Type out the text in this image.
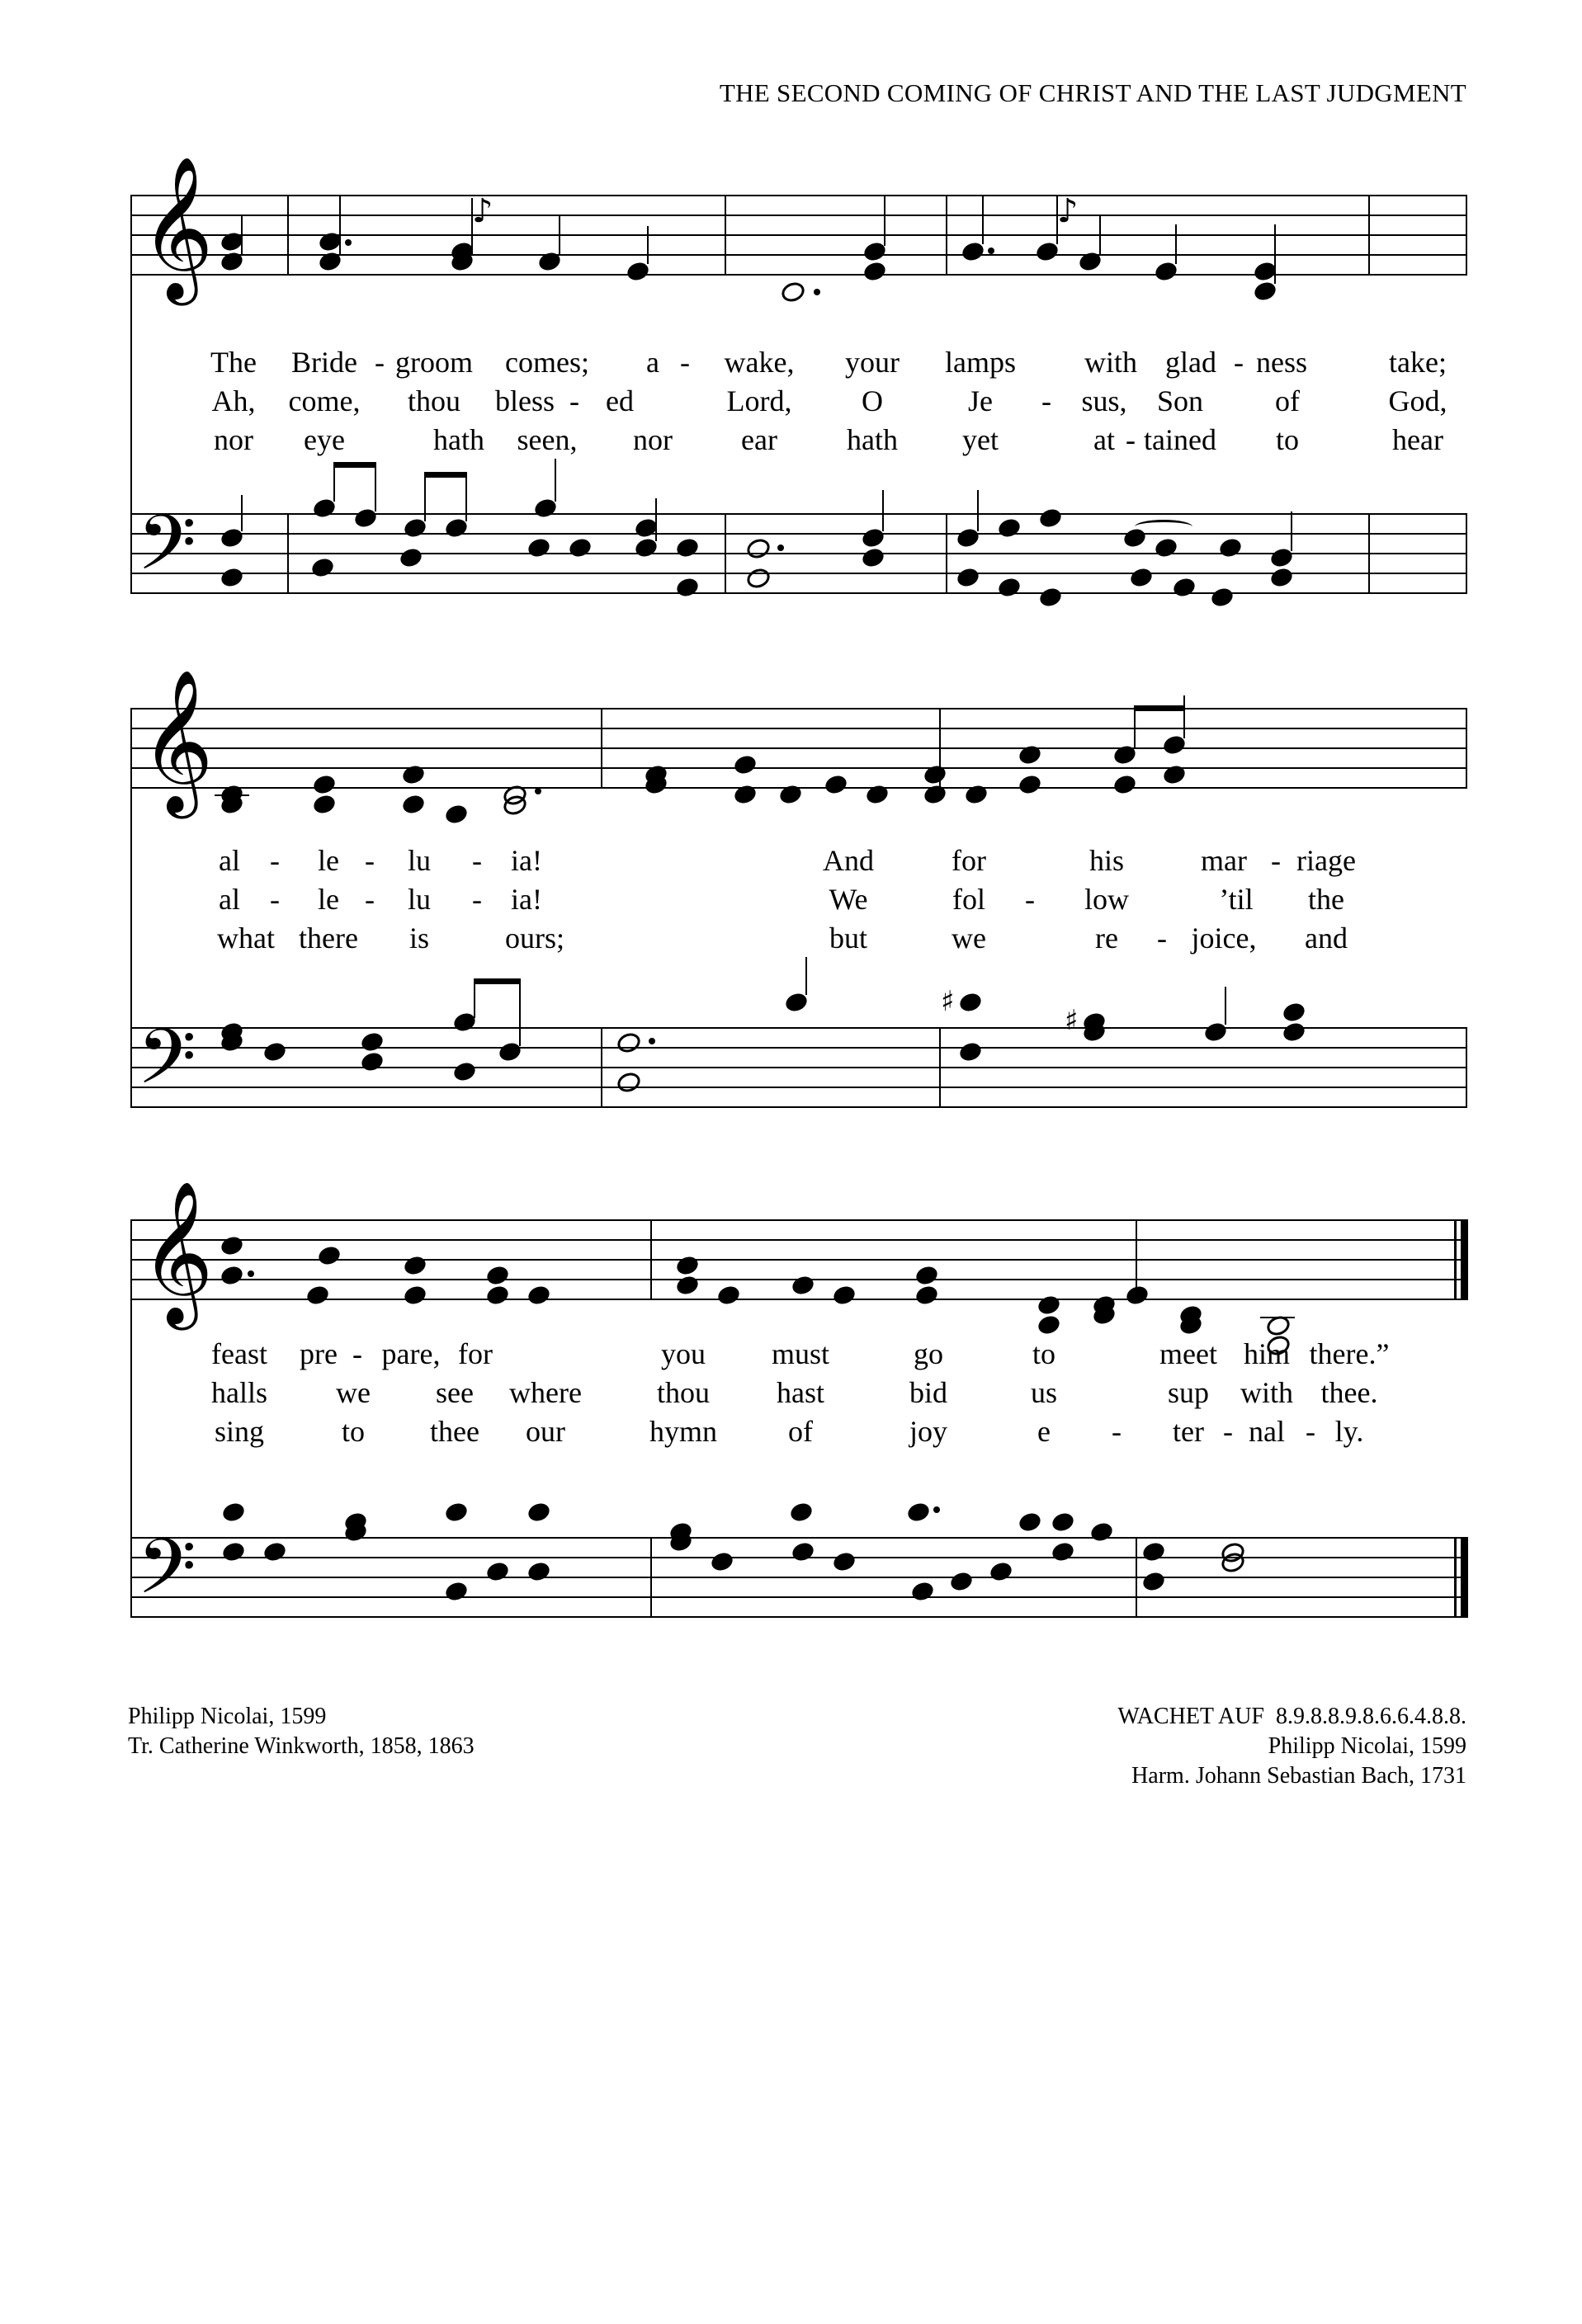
THE SECOND COMING OF CHRIST AND THE LAST JUDGMENT
𝄞	♪	♪
The Bride - groom comes; a - wake, your lamps with glad - ness	take;
Ah, come, thou bless - ed	Lord, O	Je - sus, Son of	God,
nor eye	hath seen, nor ear hath yet	at - tained to	hear
𝄢
𝄞
al - le - lu - ia!	And	for	his	mar - riage
al - le - lu - ia!	We	fol - low	’til the
what there is	ours;	but	we	re - joice, and
𝄢
♯
♯
𝄞
feast pre - pare, for	you must	go	to	meet him there.”
halls we see where	thou hast	bid	us	sup with thee.
sing	to thee our	hymn of	joy	e - ter - nal - ly.
𝄢
Philipp Nicolai, 1599
Tr. Catherine Winkworth, 1858, 1863
WACHET AUF  8.9.8.8.9.8.6.6.4.8.8.
Philipp Nicolai, 1599
Harm. Johann Sebastian Bach, 1731
